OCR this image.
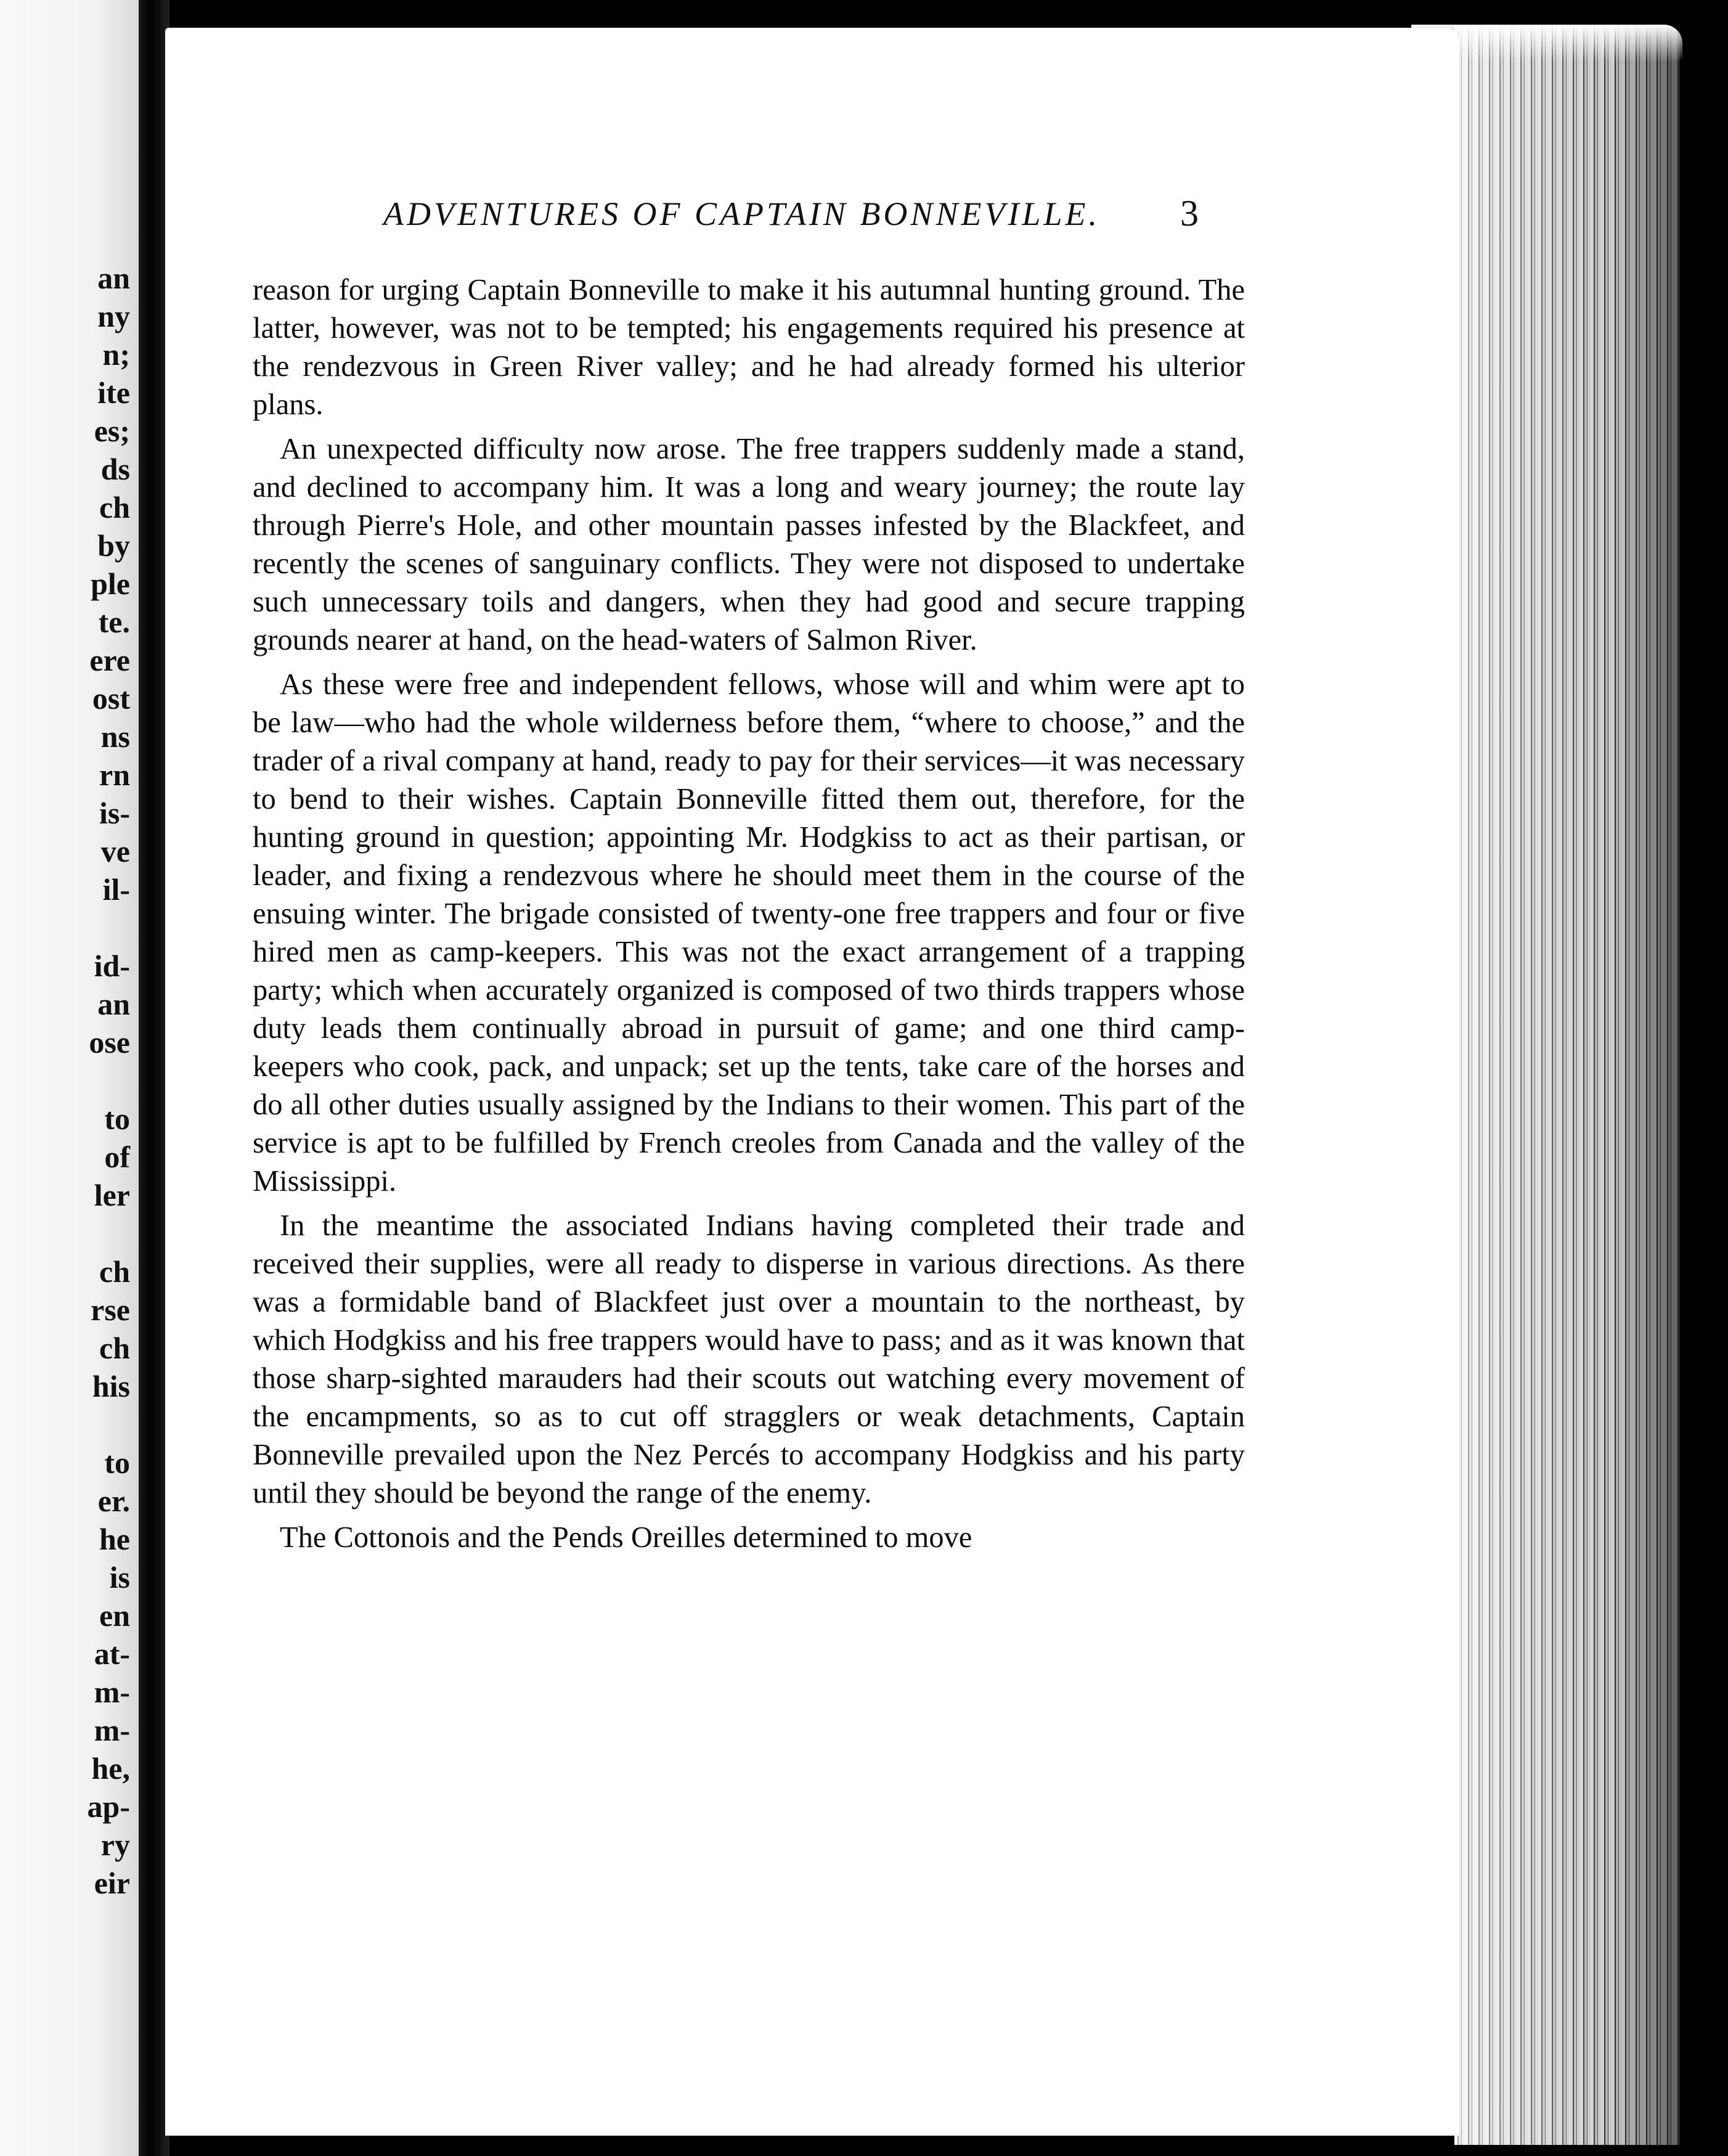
an
ny
n;
ite
es;
ds
ch
by
ple
te.
ere
ost
ns
rn
is-
ve
il-
id-
an
ose
to
of
ler
ch
rse
ch
his
to
er.
he
is
en
at-
m-
m-
he,
ap-
ry
eir
ADVENTURES OF CAPTAIN BONNEVILLE.	3

reason for urging Captain Bonneville to make it his autumnal hunting ground. The latter, however, was not to be tempted; his engagements required his presence at the rendezvous in Green River valley; and he had already formed his ulterior plans.

An unexpected difficulty now arose. The free trappers suddenly made a stand, and declined to accompany him. It was a long and weary journey; the route lay through Pierre's Hole, and other mountain passes infested by the Blackfeet, and recently the scenes of sanguinary conflicts. They were not disposed to undertake such unnecessary toils and dangers, when they had good and secure trapping grounds nearer at hand, on the head-waters of Salmon River.

As these were free and independent fellows, whose will and whim were apt to be law—who had the whole wilderness before them, “where to choose,” and the trader of a rival company at hand, ready to pay for their services—it was necessary to bend to their wishes. Captain Bonneville fitted them out, therefore, for the hunting ground in question; appointing Mr. Hodgkiss to act as their partisan, or leader, and fixing a rendezvous where he should meet them in the course of the ensuing winter. The brigade consisted of twenty-one free trappers and four or five hired men as camp-keepers. This was not the exact arrangement of a trapping party; which when accurately organized is composed of two thirds trappers whose duty leads them continually abroad in pursuit of game; and one third camp-keepers who cook, pack, and unpack; set up the tents, take care of the horses and do all other duties usually assigned by the Indians to their women. This part of the service is apt to be fulfilled by French creoles from Canada and the valley of the Mississippi.

In the meantime the associated Indians having completed their trade and received their supplies, were all ready to disperse in various directions. As there was a formidable band of Blackfeet just over a mountain to the northeast, by which Hodgkiss and his free trappers would have to pass; and as it was known that those sharp-sighted marauders had their scouts out watching every movement of the encampments, so as to cut off stragglers or weak detachments, Captain Bonneville prevailed upon the Nez Percés to accompany Hodgkiss and his party until they should be beyond the range of the enemy.

The Cottonois and the Pends Oreilles determined to move
